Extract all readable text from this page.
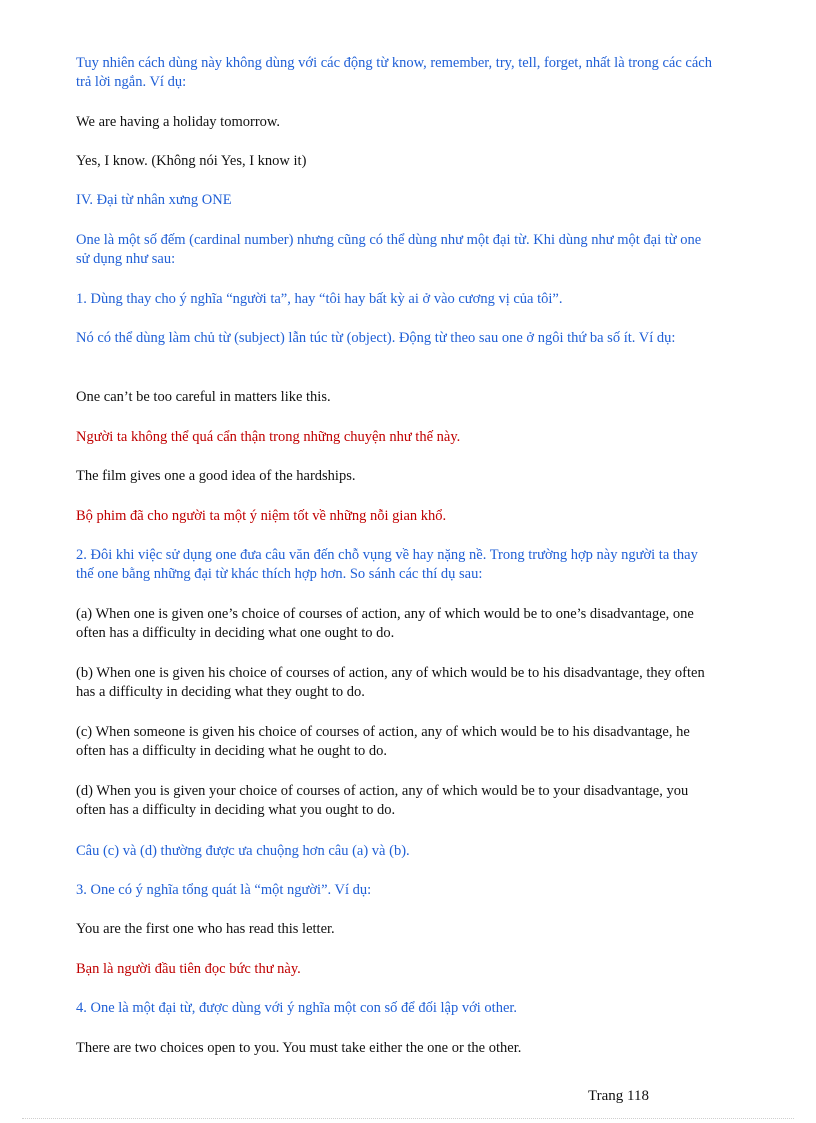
Tuy nhiên cách dùng này không dùng với các động từ know, remember, try, tell, forget, nhất là trong các cách trả lời ngắn. Ví dụ:

We are having a holiday tomorrow.

Yes, I know. (Không nói Yes, I know it)

IV. Đại từ nhân xưng ONE

One là một số đếm (cardinal number) nhưng cũng có thể dùng như một đại từ. Khi dùng như một đại từ one sử dụng như sau:

1. Dùng thay cho ý nghĩa “người ta”, hay “tôi hay bất kỳ ai ở vào cương vị của tôi”.

Nó có thể dùng làm chủ từ (subject) lẫn túc từ (object). Động từ theo sau one ở ngôi thứ ba số ít. Ví dụ:

One can’t be too careful in matters like this.

Người ta không thể quá cẩn thận trong những chuyện như thế này.

The film gives one a good idea of the hardships.

Bộ phim đã cho người ta một ý niệm tốt về những nỗi gian khổ.

2. Đôi khi việc sử dụng one đưa câu văn đến chỗ vụng về hay nặng nề. Trong trường hợp này người ta thay thế one bằng những đại từ khác thích hợp hơn. So sánh các thí dụ sau:

(a) When one is given one’s choice of courses of action, any of which would be to one’s disadvantage, one often has a difficulty in deciding what one ought to do.

(b) When one is given his choice of courses of action, any of which would be to his disadvantage, they often has a difficulty in deciding what they ought to do.

(c) When someone is given his choice of courses of action, any of which would be to his disadvantage, he often has a difficulty in deciding what he ought to do.

(d) When you is given your choice of courses of action, any of which would be to your disadvantage, you often has a difficulty in deciding what you ought to do.

Câu (c) và (d) thường được ưa chuộng hơn câu (a) và (b).

3. One có ý nghĩa tổng quát là “một người”. Ví dụ:

You are the first one who has read this letter.

Bạn là người đầu tiên đọc bức thư này.

4. One là một đại từ, được dùng với ý nghĩa một con số để đối lập với other.

There are two choices open to you. You must take either the one or the other.

Trang 118
